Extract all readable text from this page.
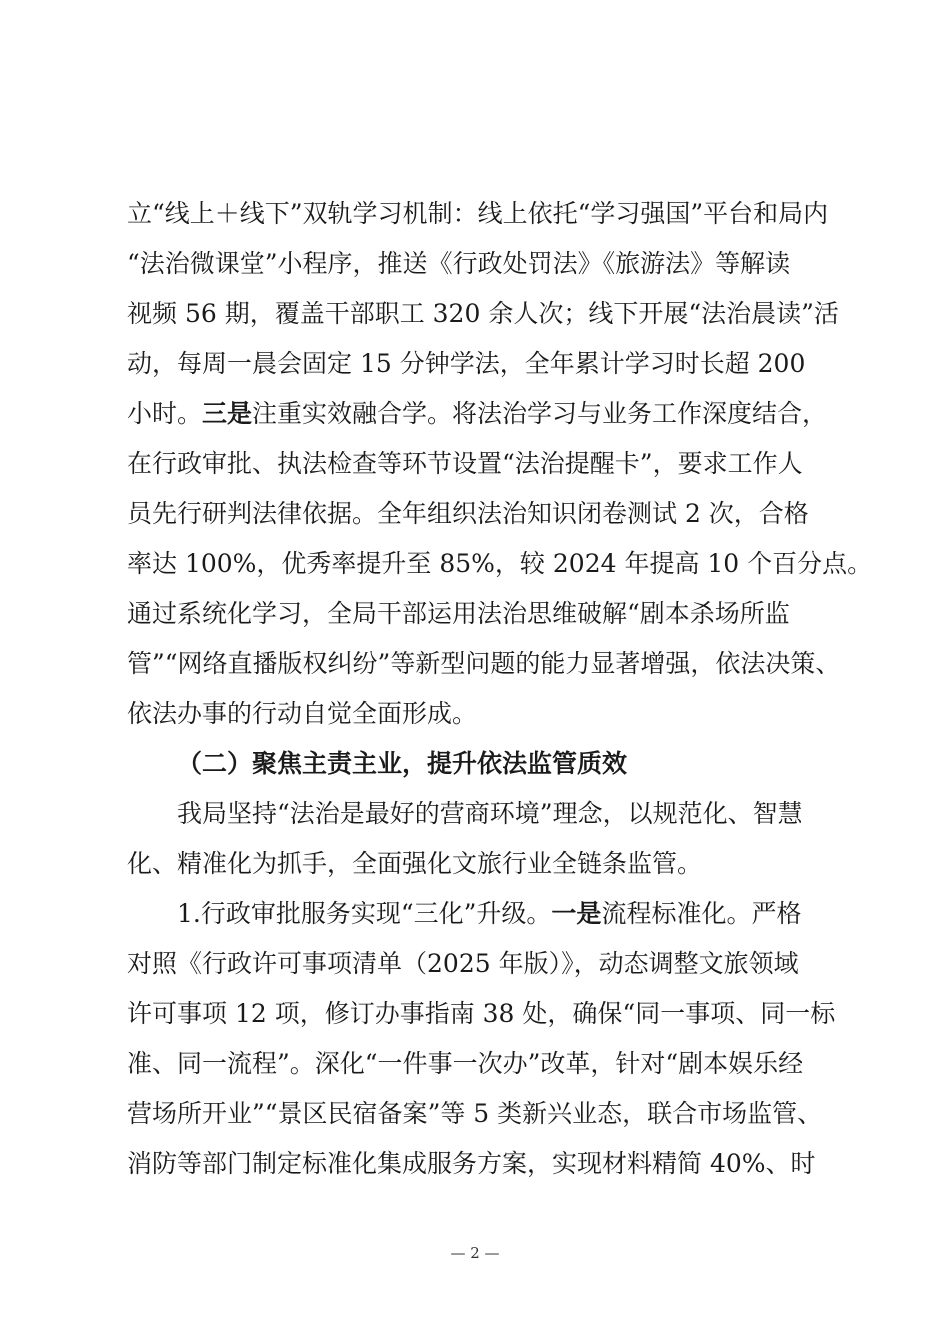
立“线上＋线下”双轨学习机制：线上依托“学习强国”平台和局内
“法治微课堂”小程序，推送《行政处罚法》《旅游法》等解读
视频 56 期，覆盖干部职工 320 余人次；线下开展“法治晨读”活
动，每周一晨会固定 15 分钟学法，全年累计学习时长超 200
小时。三是注重实效融合学。将法治学习与业务工作深度结合，
在行政审批、执法检查等环节设置“法治提醒卡”，要求工作人
员先行研判法律依据。全年组织法治知识闭卷测试 2 次，合格
率达 100%，优秀率提升至 85%，较 2024 年提高 10 个百分点。
通过系统化学习，全局干部运用法治思维破解“剧本杀场所监
管”“网络直播版权纠纷”等新型问题的能力显著增强，依法决策、
依法办事的行动自觉全面形成。
（二）聚焦主责主业，提升依法监管质效
我局坚持“法治是最好的营商环境”理念，以规范化、智慧
化、精准化为抓手，全面强化文旅行业全链条监管。
1.行政审批服务实现“三化”升级。一是流程标准化。严格
对照《行政许可事项清单（2025 年版）》，动态调整文旅领域
许可事项 12 项，修订办事指南 38 处，确保“同一事项、同一标
准、同一流程”。深化“一件事一次办”改革，针对“剧本娱乐经
营场所开业”“景区民宿备案”等 5 类新兴业态，联合市场监管、
消防等部门制定标准化集成服务方案，实现材料精简 40%、时
— 2 —
